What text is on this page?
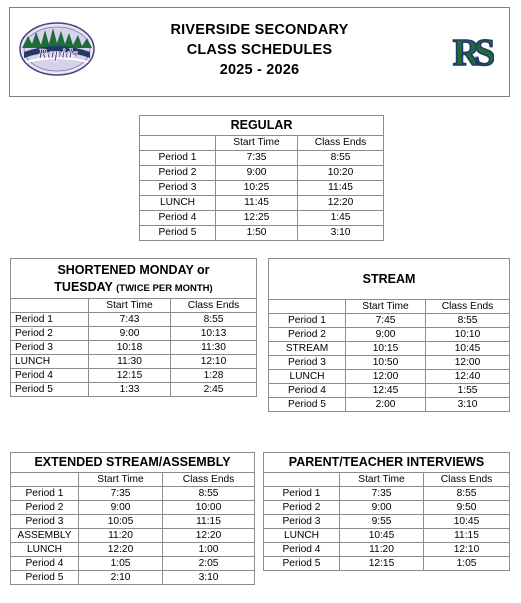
Rapids
RIVERSIDE SECONDARY
CLASS SCHEDULES
2025 - 2026	RS
REGULAR		
	Start Time	Class Ends
Period 1	7:35	8:55
Period 2	9:00	10:20
Period 3	10:25	11:45
LUNCH	11:45	12:20
Period 4	12:25	1:45
Period 5	1:50	3:10
SHORTENED MONDAY or		
TUESDAY (TWICE PER MONTH)		
	Start Time	Class Ends
Period 1	7:43	8:55
Period 2	9:00	10:13
Period 3	10:18	11:30
LUNCH	11:30	12:10
Period 4	12:15	1:28
Period 5	1:33	2:45
STREAM		
	Start Time	Class Ends
Period 1	7:45	8:55
Period 2	9:00	10:10
STREAM	10:15	10:45
Period 3	10:50	12:00
LUNCH	12:00	12:40
Period 4	12:45	1:55
Period 5	2:00	3:10
EXTENDED STREAM/ASSEMBLY		
	Start Time	Class Ends
Period 1	7:35	8:55
Period 2	9:00	10:00
Period 3	10:05	11:15
ASSEMBLY	11:20	12:20
LUNCH	12:20	1:00
Period 4	1:05	2:05
Period 5	2:10	3:10
PARENT/TEACHER INTERVIEWS		
	Start Time	Class Ends
Period 1	7:35	8:55
Period 2	9:00	9:50
Period 3	9:55	10:45
LUNCH	10:45	11:15
Period 4	11:20	12:10
Period 5	12:15	1:05
